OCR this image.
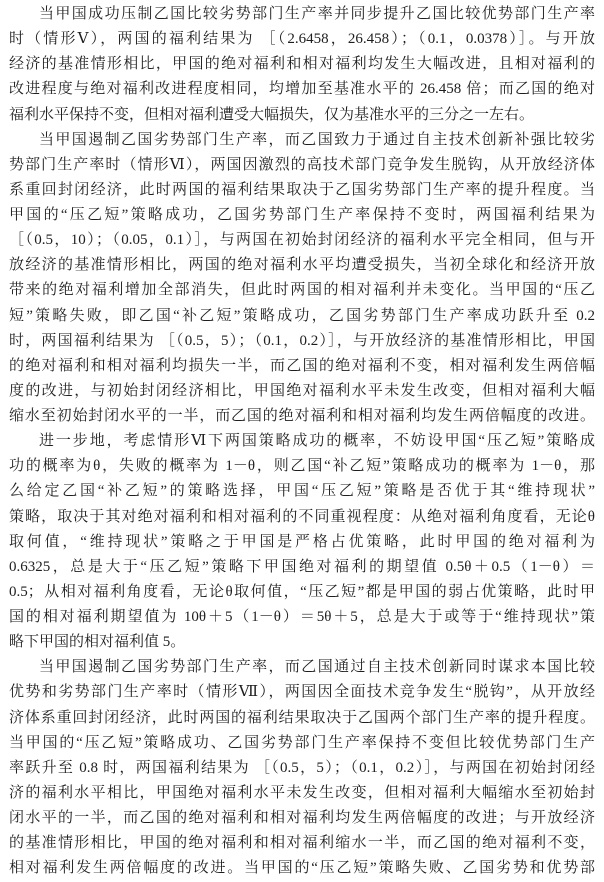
当甲国成功压制乙国比较劣势部门生产率并同步提升乙国比较优势部门生产率
时（情形Ⅴ），两国的福利结果为 ［（2.6458，26.458）；（0.1，0.0378）］。与开放
经济的基准情形相比，甲国的绝对福利和相对福利均发生大幅改进，且相对福利的
改进程度与绝对福利改进程度相同，均增加至基准水平的 26.458 倍；而乙国的绝对
福利水平保持不变，但相对福利遭受大幅损失，仅为基准水平的三分之一左右。
当甲国遏制乙国劣势部门生产率，而乙国致力于通过自主技术创新补强比较劣
势部门生产率时（情形Ⅵ），两国因激烈的高技术部门竞争发生脱钩，从开放经济体
系重回封闭经济，此时两国的福利结果取决于乙国劣势部门生产率的提升程度。当
甲国的“压乙短”策略成功，乙国劣势部门生产率保持不变时，两国福利结果为
［（0.5，10）；（0.05，0.1）］，与两国在初始封闭经济的福利水平完全相同，但与开
放经济的基准情形相比，两国的绝对福利水平均遭受损失，当初全球化和经济开放
带来的绝对福利增加全部消失，但此时两国的相对福利并未变化。当甲国的“压乙
短”策略失败，即乙国“补乙短”策略成功，乙国劣势部门生产率成功跃升至 0.2
时，两国福利结果为 ［（0.5，5）；（0.1，0.2）］，与开放经济的基准情形相比，甲国
的绝对福利和相对福利均损失一半，而乙国的绝对福利不变，相对福利发生两倍幅
度的改进，与初始封闭经济相比，甲国绝对福利水平未发生改变，但相对福利大幅
缩水至初始封闭水平的一半，而乙国的绝对福利和相对福利均发生两倍幅度的改进。
进一步地，考虑情形Ⅵ下两国策略成功的概率，不妨设甲国“压乙短”策略成
功的概率为θ，失败的概率为 1－θ，则乙国“补乙短”策略成功的概率为 1－θ，那
么给定乙国“补乙短”的策略选择，甲国“压乙短”策略是否优于其“维持现状”
策略，取决于其对绝对福利和相对福利的不同重视程度：从绝对福利角度看，无论θ
取何值，“维持现状”策略之于甲国是严格占优策略，此时甲国的绝对福利为
0.6325，总是大于“压乙短”策略下甲国绝对福利的期望值 0.5θ＋0.5（1－θ）＝
0.5；从相对福利角度看，无论θ取何值，“压乙短”都是甲国的弱占优策略，此时甲
国的相对福利期望值为 10θ＋5（1－θ）＝5θ＋5，总是大于或等于“维持现状”策
略下甲国的相对福利值 5。
当甲国遏制乙国劣势部门生产率，而乙国通过自主技术创新同时谋求本国比较
优势和劣势部门生产率时（情形Ⅶ），两国因全面技术竞争发生“脱钩”，从开放经
济体系重回封闭经济，此时两国的福利结果取决于乙国两个部门生产率的提升程度。
当甲国的“压乙短”策略成功、乙国劣势部门生产率保持不变但比较优势部门生产
率跃升至 0.8 时，两国福利结果为 ［（0.5，5）；（0.1，0.2）］，与两国在初始封闭经
济的福利水平相比，甲国绝对福利水平未发生改变，但相对福利大幅缩水至初始封
闭水平的一半，而乙国的绝对福利和相对福利均发生两倍幅度的改进；与开放经济
的基准情形相比，甲国的绝对福利和相对福利缩水一半，而乙国的绝对福利不变，
相对福利发生两倍幅度的改进。当甲国的“压乙短”策略失败、乙国劣势和优势部
